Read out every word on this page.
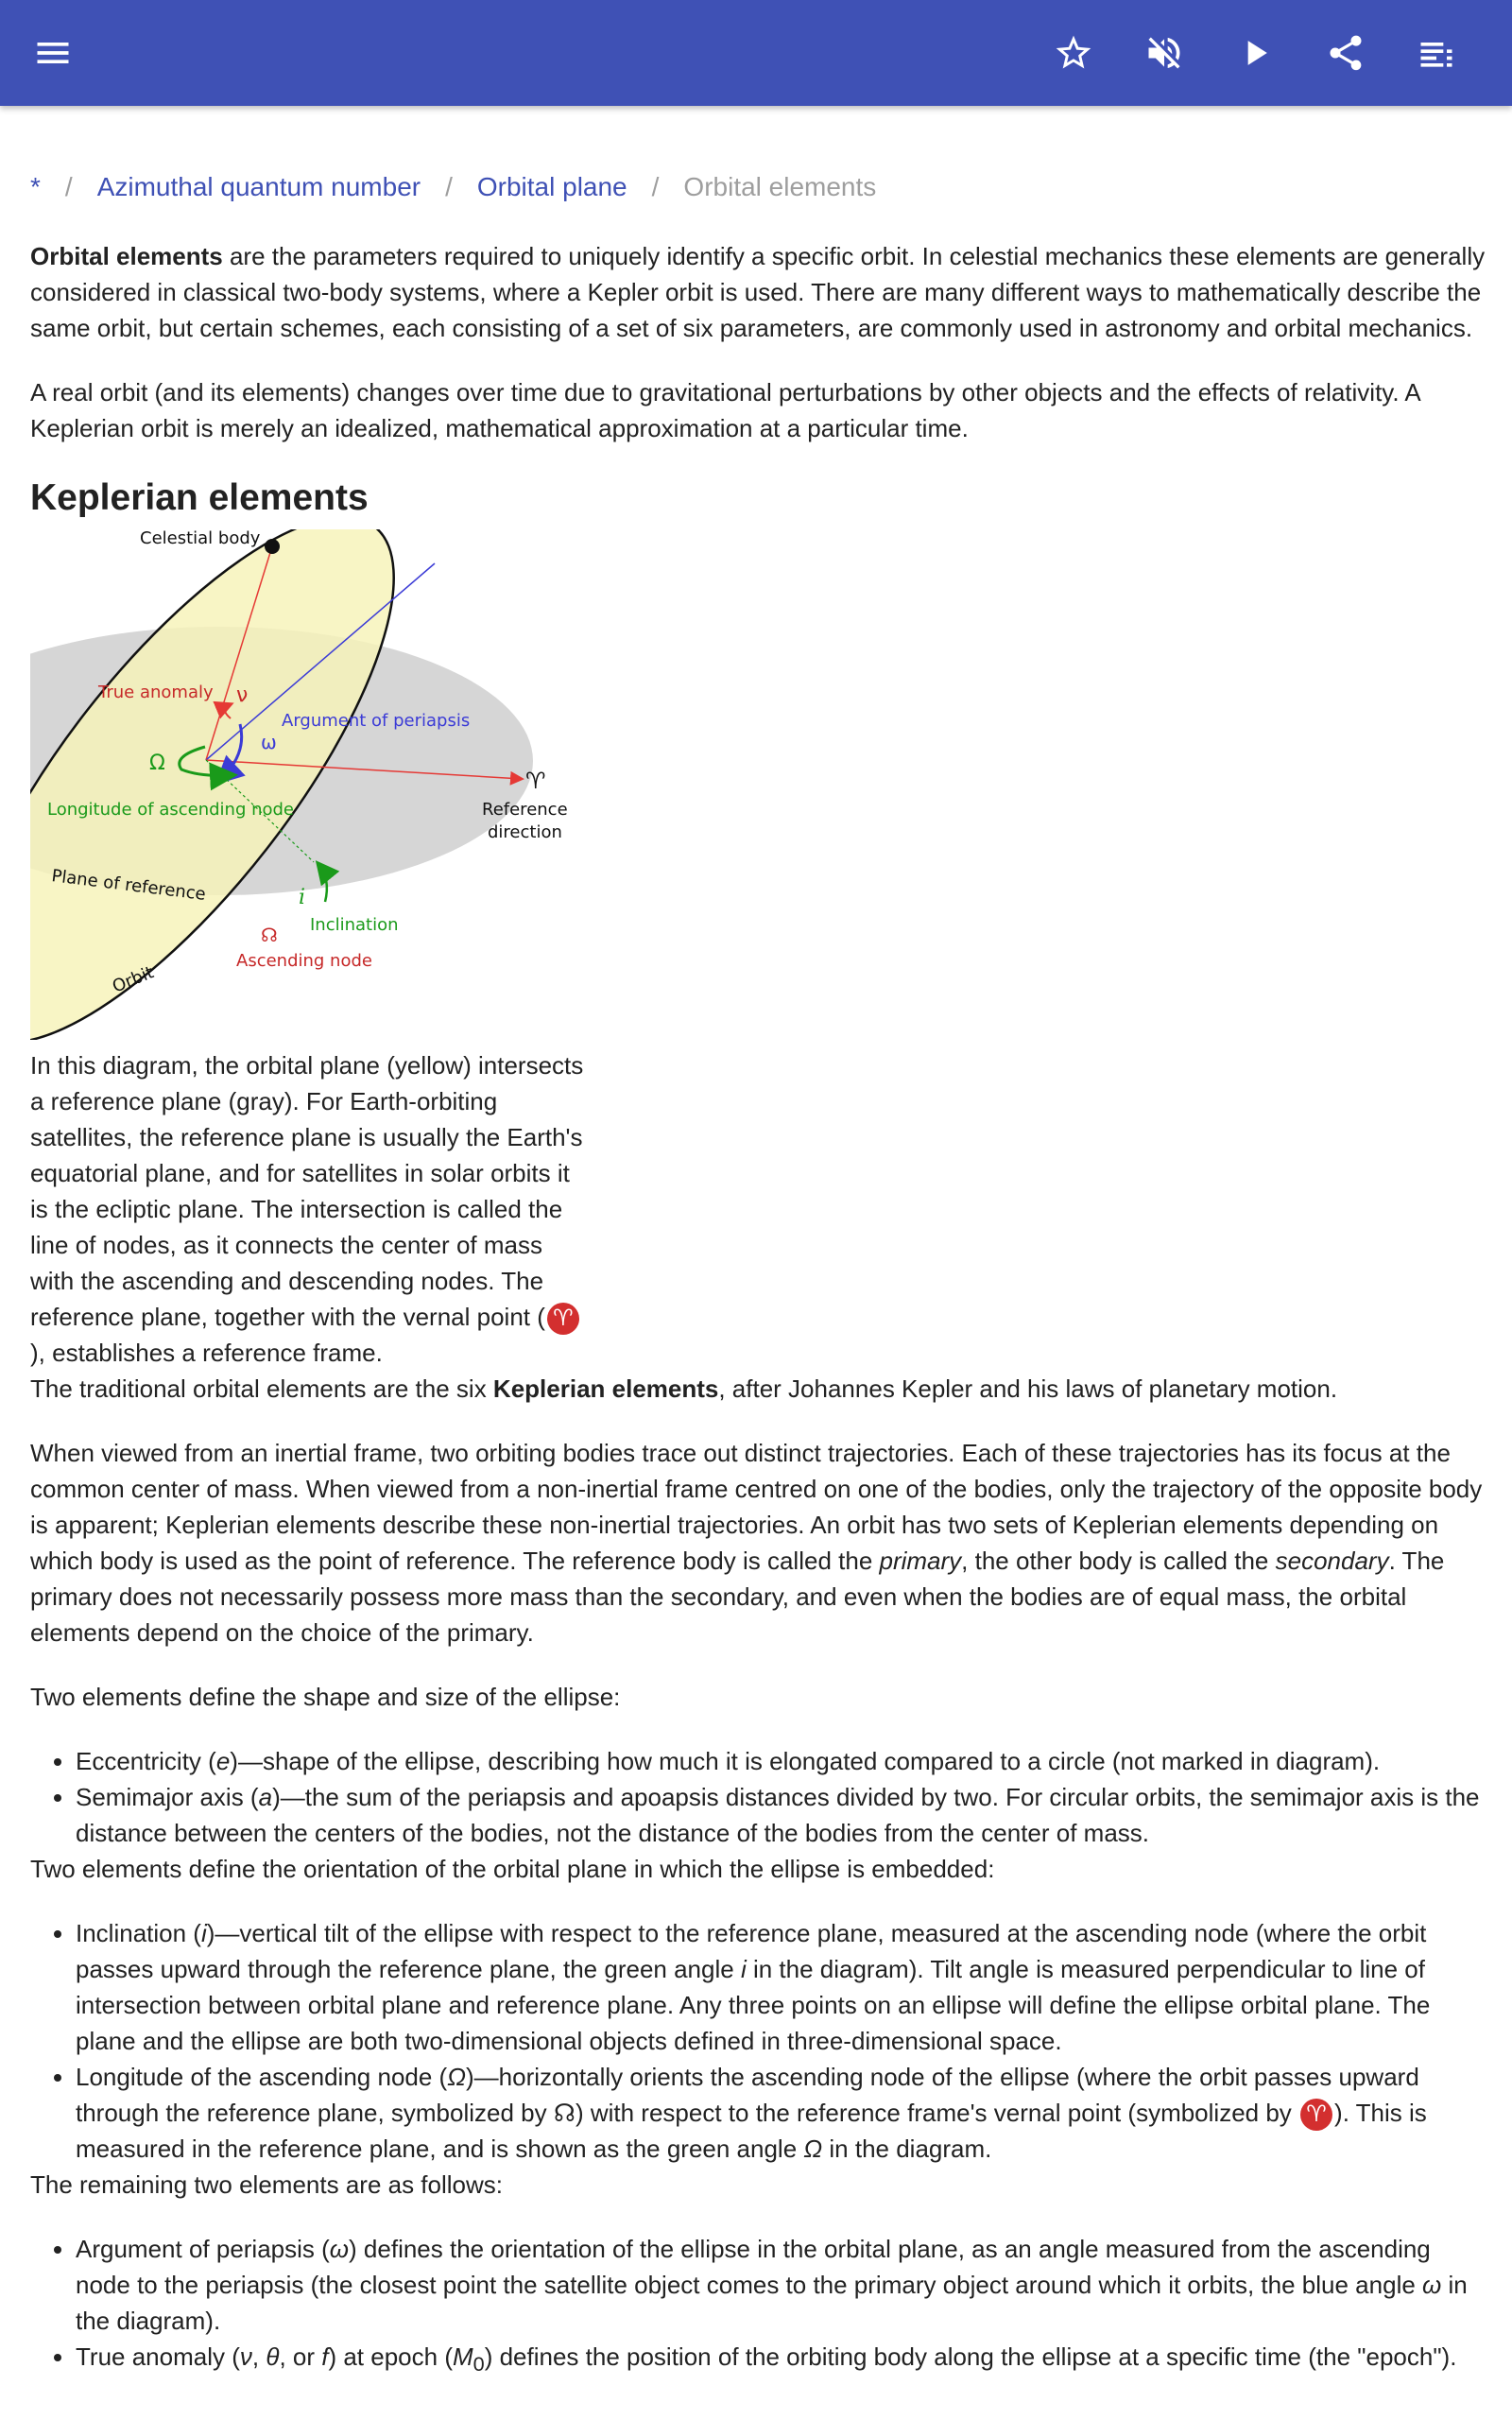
* / Azimuthal quantum number / Orbital plane / Orbital elements

Orbital elements are the parameters required to uniquely identify a specific orbit. In celestial mechanics these elements are generally considered in classical two-body systems, where a Kepler orbit is used. There are many different ways to mathematically describe the same orbit, but certain schemes, each consisting of a set of six parameters, are commonly used in astronomy and orbital mechanics.

A real orbit (and its elements) changes over time due to gravitational perturbations by other objects and the effects of relativity. A Keplerian orbit is merely an idealized, mathematical approximation at a particular time.

Keplerian elements
Celestial body
True anomaly ν
Argument of periapsis
ω
Ω
Longitude of ascending node
♈
Reference
direction
Plane of reference	i
Inclination
☊
Ascending node
Orbit

In this diagram, the orbital plane (yellow) intersects a reference plane (gray). For Earth-orbiting satellites, the reference plane is usually the Earth's equatorial plane, and for satellites in solar orbits it is the ecliptic plane. The intersection is called the line of nodes, as it connects the center of mass with the ascending and descending nodes. The reference plane, together with the vernal point ( ♈), establishes a reference frame.

The traditional orbital elements are the six Keplerian elements, after Johannes Kepler and his laws of planetary motion.

When viewed from an inertial frame, two orbiting bodies trace out distinct trajectories. Each of these trajectories has its focus at the common center of mass. When viewed from a non-inertial frame centred on one of the bodies, only the trajectory of the opposite body is apparent; Keplerian elements describe these non-inertial trajectories. An orbit has two sets of Keplerian elements depending on which body is used as the point of reference. The reference body is called the primary, the other body is called the secondary. The primary does not necessarily possess more mass than the secondary, and even when the bodies are of equal mass, the orbital elements depend on the choice of the primary.

Two elements define the shape and size of the ellipse:

• Eccentricity (e)—shape of the ellipse, describing how much it is elongated compared to a circle (not marked in diagram).
• Semimajor axis (a)—the sum of the periapsis and apoapsis distances divided by two. For circular orbits, the semimajor axis is the distance between the centers of the bodies, not the distance of the bodies from the center of mass.

Two elements define the orientation of the orbital plane in which the ellipse is embedded:

• Inclination (i)—vertical tilt of the ellipse with respect to the reference plane, measured at the ascending node (where the orbit passes upward through the reference plane, the green angle i in the diagram). Tilt angle is measured perpendicular to line of intersection between orbital plane and reference plane. Any three points on an ellipse will define the ellipse orbital plane. The plane and the ellipse are both two-dimensional objects defined in three-dimensional space.
• Longitude of the ascending node (Ω)—horizontally orients the ascending node of the ellipse (where the orbit passes upward through the reference plane, symbolized by ☊) with respect to the reference frame's vernal point (symbolized by ♈ ). This is measured in the reference plane, and is shown as the green angle Ω in the diagram.

The remaining two elements are as follows:

• Argument of periapsis (ω) defines the orientation of the ellipse in the orbital plane, as an angle measured from the ascending node to the periapsis (the closest point the satellite object comes to the primary object around which it orbits, the blue angle ω in the diagram).
• True anomaly (ν, θ, or f) at epoch $(M_0)$ defines the position of the orbiting body along the ellipse at a specific time (the "epoch").
